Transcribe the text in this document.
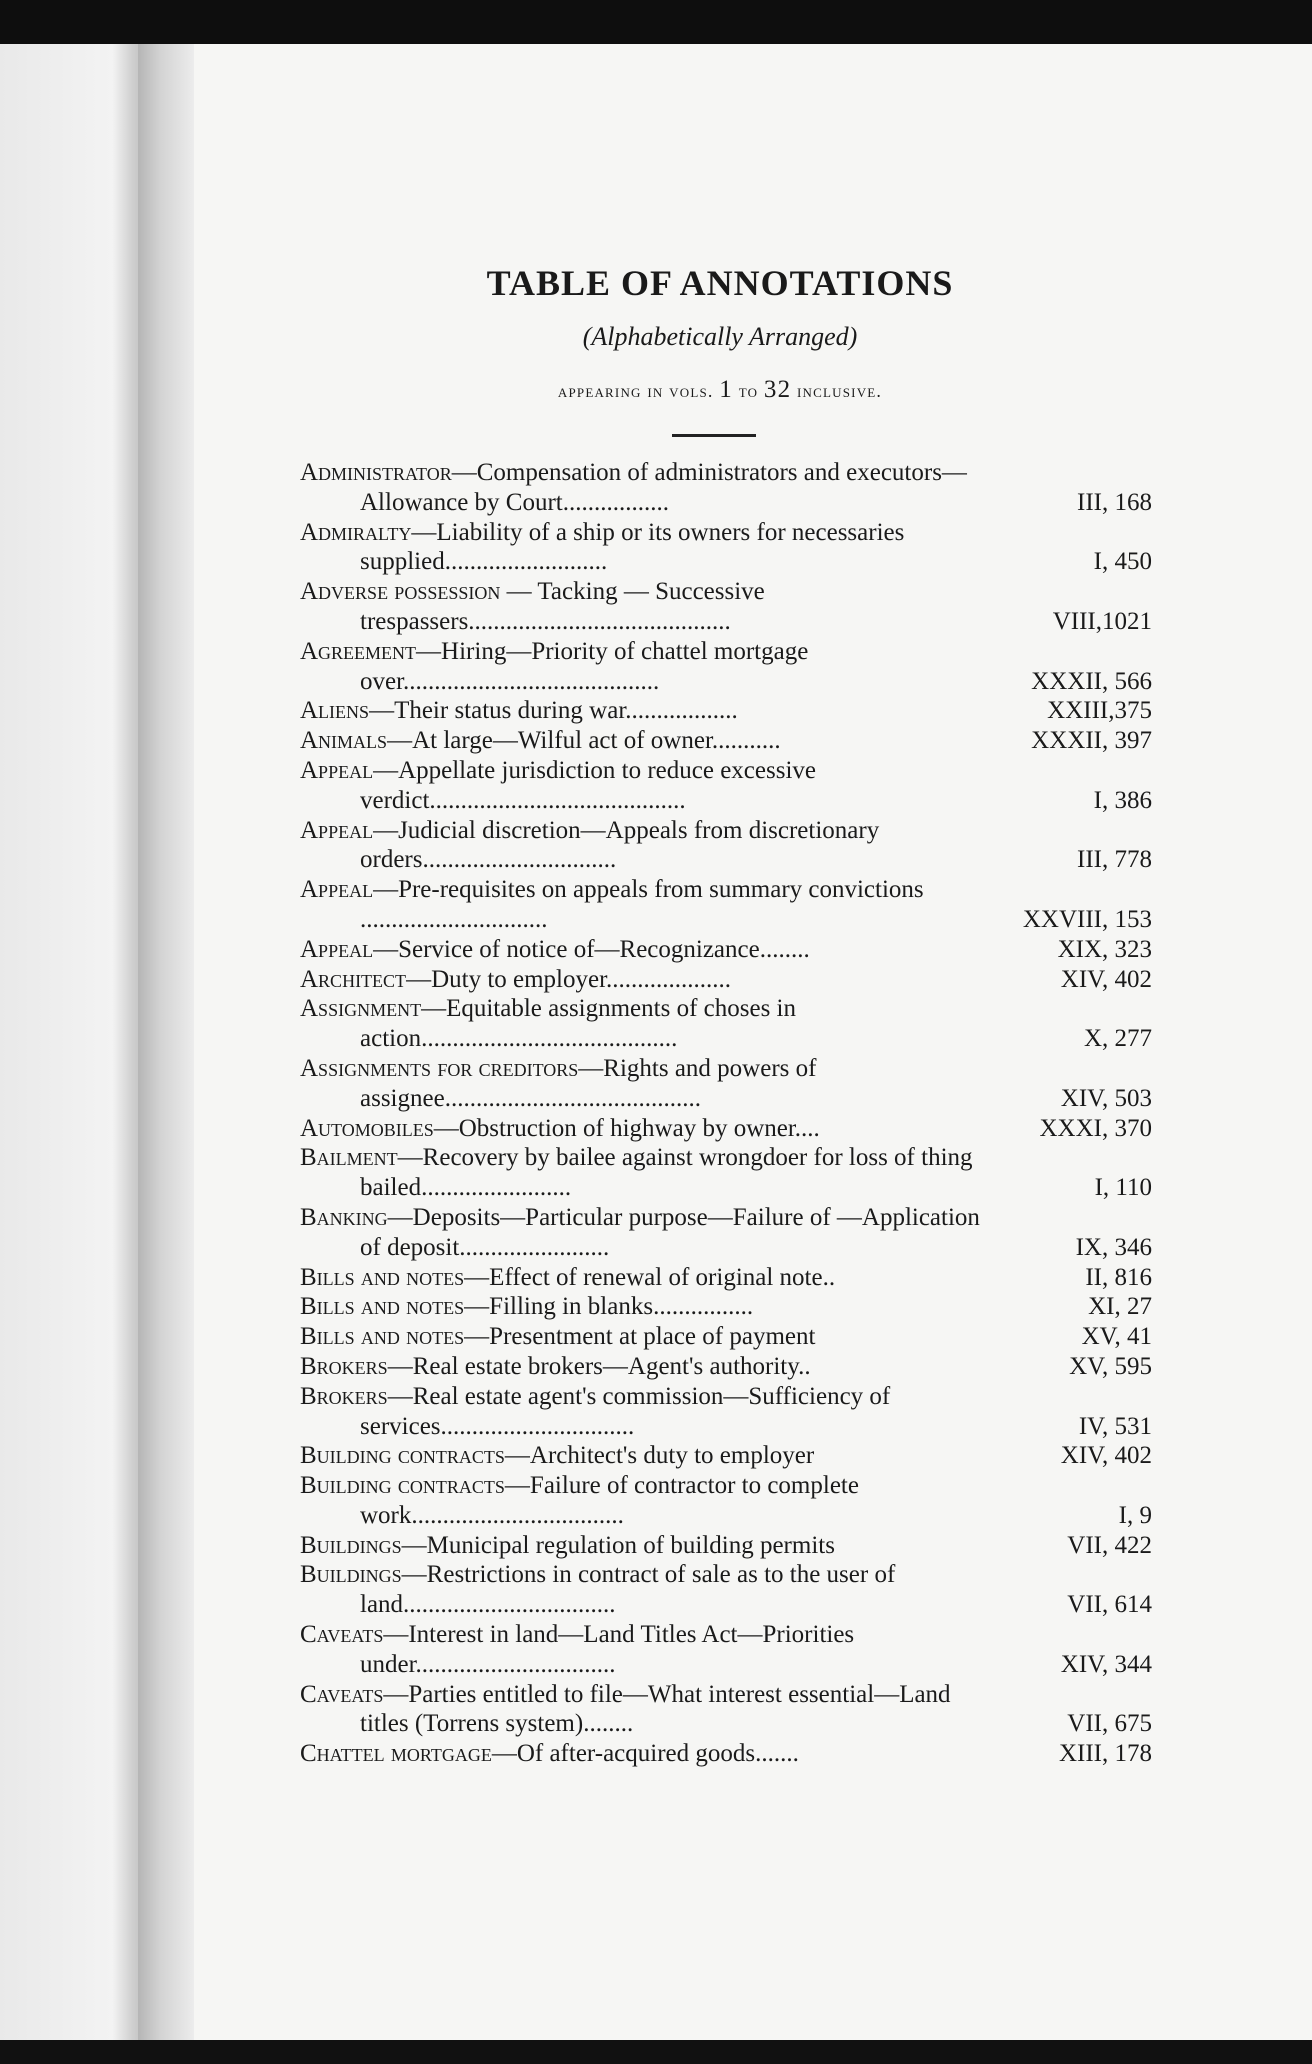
TABLE OF ANNOTATIONS
(Alphabetically Arranged)
appearing in vols. 1 to 32 inclusive.
Administrator—Compensation of administrators and executors—Allowance by Court.................	III, 168
Admiralty—Liability of a ship or its owners for necessaries supplied..........................	I, 450
Adverse possession — Tacking — Successive trespassers..........................................	VIII,1021
Agreement—Hiring—Priority of chattel mortgage over.........................................	XXXII, 566
Aliens—Their status during war..................	XXIII,375
Animals—At large—Wilful act of owner...........	XXXII, 397
Appeal—Appellate jurisdiction to reduce excessive verdict.........................................	I, 386
Appeal—Judicial discretion—Appeals from discretionary orders...............................	III, 778
Appeal—Pre-requisites on appeals from summary convictions ..............................	XXVIII, 153
Appeal—Service of notice of—Recognizance........	XIX, 323
Architect—Duty to employer....................	XIV, 402
Assignment—Equitable assignments of choses in action.........................................	X, 277
Assignments for creditors—Rights and powers of assignee.........................................	XIV, 503
Automobiles—Obstruction of highway by owner....	XXXI, 370
Bailment—Recovery by bailee against wrongdoer for loss of thing bailed........................	I, 110
Banking—Deposits—Particular purpose—Failure of —Application of deposit........................	IX, 346
Bills and notes—Effect of renewal of original note..	II, 816
Bills and notes—Filling in blanks................	XI, 27
Bills and notes—Presentment at place of payment	XV, 41
Brokers—Real estate brokers—Agent's authority..	XV, 595
Brokers—Real estate agent's commission—Sufficiency of services...............................	IV, 531
Building contracts—Architect's duty to employer	XIV, 402
Building contracts—Failure of contractor to complete work..................................	I, 9
Buildings—Municipal regulation of building permits	VII, 422
Buildings—Restrictions in contract of sale as to the user of land..................................	VII, 614
Caveats—Interest in land—Land Titles Act—Priorities under................................	XIV, 344
Caveats—Parties entitled to file—What interest essential—Land titles (Torrens system)........	VII, 675
Chattel mortgage—Of after-acquired goods.......	XIII, 178
